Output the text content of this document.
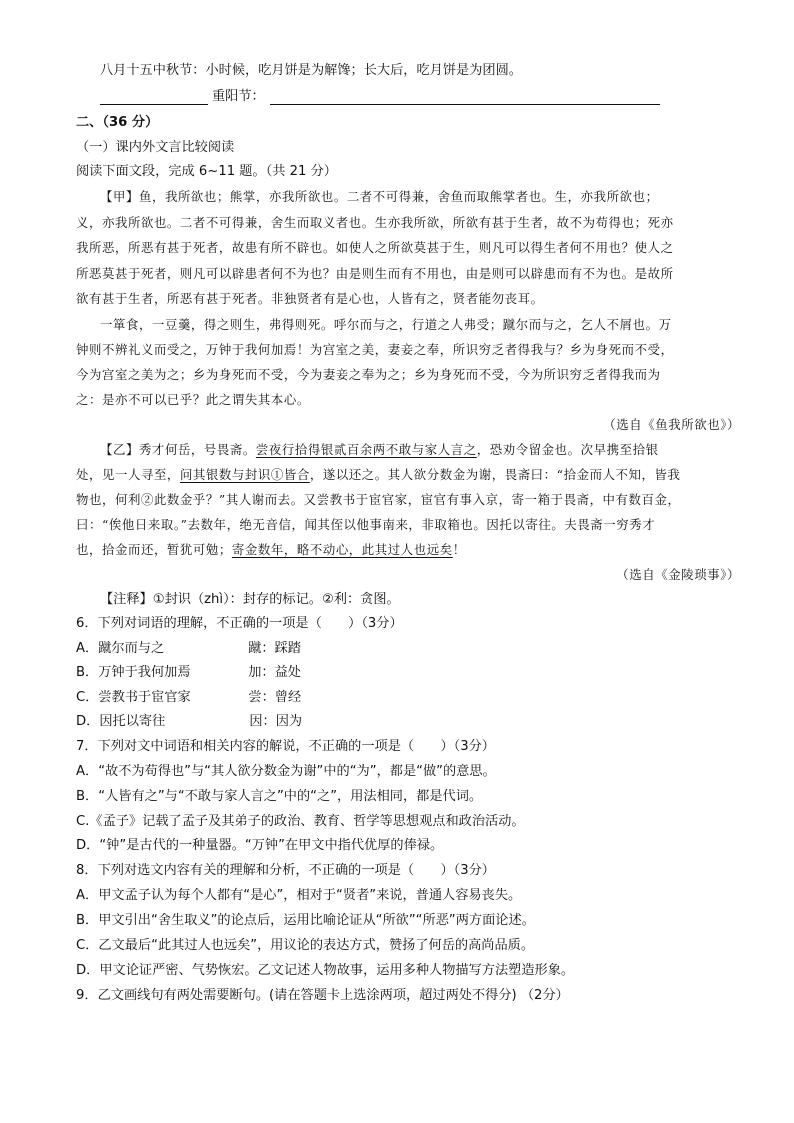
八月十五中秋节：小时候，吃月饼是为解馋；长大后，吃月饼是为团圆。
重阳节：
二、（36 分）
（一）课内外文言比较阅读
阅读下面文段，完成 6~11 题。（共 21 分）
【甲】鱼，我所欲也；熊掌，亦我所欲也。二者不可得兼，舍鱼而取熊掌者也。生，亦我所欲也；
义，亦我所欲也。二者不可得兼，舍生而取义者也。生亦我所欲，所欲有甚于生者，故不为苟得也；死亦
我所恶，所恶有甚于死者，故患有所不辟也。如使人之所欲莫甚于生，则凡可以得生者何不用也？使人之
所恶莫甚于死者，则凡可以辟患者何不为也？由是则生而有不用也，由是则可以辟患而有不为也。是故所
欲有甚于生者，所恶有甚于死者。非独贤者有是心也，人皆有之，贤者能勿丧耳。
一箪食，一豆羹，得之则生，弗得则死。呼尔而与之，行道之人弗受；蹴尔而与之，乞人不屑也。万
钟则不辨礼义而受之，万钟于我何加焉！为宫室之美，妻妾之奉，所识穷乏者得我与？乡为身死而不受，
今为宫室之美为之；乡为身死而不受，今为妻妾之奉为之；乡为身死而不受，今为所识穷乏者得我而为
之：是亦不可以已乎？此之谓失其本心。
（选自《鱼我所欲也》）
【乙】秀才何岳，号畏斋。尝夜行拾得银贰百余两不敢与家人言之，恐劝令留金也。次早携至拾银
处，见一人寻至，问其银数与封识①皆合，遂以还之。其人欲分数金为谢，畏斋曰：“拾金而人不知，皆我
物也，何利②此数金乎？”其人谢而去。又尝教书于宦官家，宦官有事入京，寄一箱于畏斋，中有数百金，
曰：“俟他日来取。”去数年，绝无音信，闻其侄以他事南来，非取箱也。因托以寄往。夫畏斋一穷秀才
也，拾金而还，暂犹可勉；寄金数年，略不动心，此其过人也远矣！
（选自《金陵琐事》）
【注释】①封识（zhì）：封存的标记。②利：贪图。
6．下列对词语的理解，不正确的一项是（　　）（3分）
A．蹴尔而与之	蹴：踩踏
B．万钟于我何加焉	加：益处
C．尝教书于宦官家	尝：曾经
D．因托以寄往	因：因为
7．下列对文中词语和相关内容的解说，不正确的一项是（　　）（3分）
A．“故不为苟得也”与“其人欲分数金为谢”中的“为”，都是“做”的意思。
B．“人皆有之”与“不敢与家人言之”中的“之”，用法相同，都是代词。
C.《孟子》记载了孟子及其弟子的政治、教育、哲学等思想观点和政治活动。
D．“钟”是古代的一种量器。“万钟”在甲文中指代优厚的俸禄。
8．下列对选文内容有关的理解和分析，不正确的一项是（　　）（3分）
A．甲文孟子认为每个人都有“是心”，相对于“贤者”来说，普通人容易丧失。
B．甲文引出“舍生取义”的论点后，运用比喻论证从“所欲”“所恶”两方面论述。
C．乙文最后“此其过人也远矣”，用议论的表达方式，赞扬了何岳的高尚品质。
D．甲文论证严密、气势恢宏。乙文记述人物故事，运用多种人物描写方法塑造形象。
9．乙文画线句有两处需要断句。(请在答题卡上选涂两项，超过两处不得分) （2分）
